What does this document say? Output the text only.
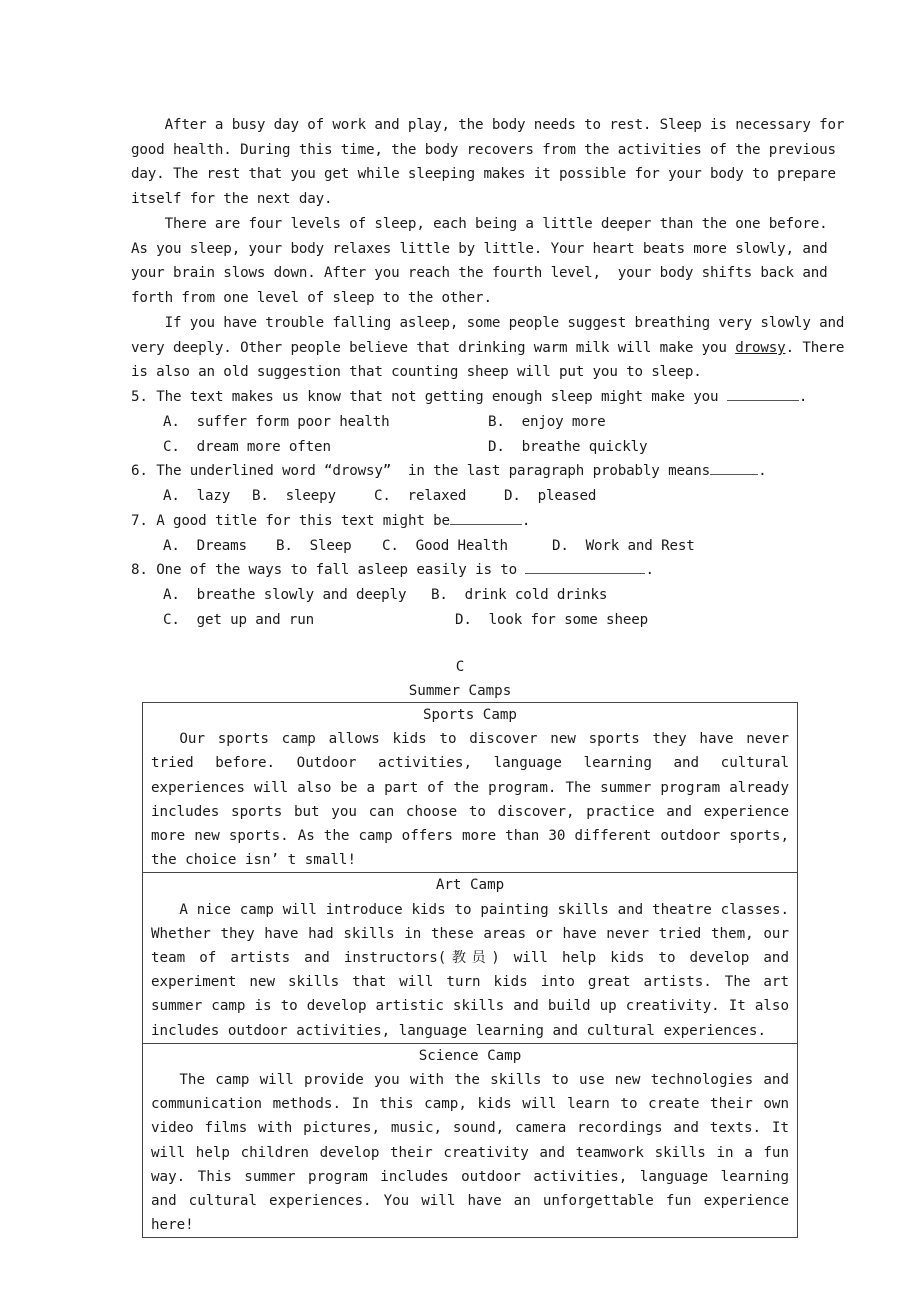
After a busy day of work and play, the body needs to rest. Sleep is necessary for
good health. During this time, the body recovers from the activities of the previous
day. The rest that you get while sleeping makes it possible for your body to prepare
itself for the next day.
There are four levels of sleep, each being a little deeper than the one before.
As you sleep, your body relaxes little by little. Your heart beats more slowly, and
your brain slows down. After you reach the fourth level,  your body shifts back and
forth from one level of sleep to the other.
If you have trouble falling asleep, some people suggest breathing very slowly and
very deeply. Other people believe that drinking warm milk will make you drowsy. There
is also an old suggestion that counting sheep will put you to sleep.
5. The text makes us know that not getting enough sleep might make you	.
A.  suffer form poor health	B.  enjoy more
C.  dream more often	D.  breathe quickly
6. The underlined word “drowsy”  in the last paragraph probably means	.
A.  lazy B.  sleepy	C.  relaxed	D.  pleased
7. A good title for this text might be	.
A.  Dreams B.  Sleep C.  Good Health	D.  Work and Rest
8. One of the ways to fall asleep easily is to	.
A.  breathe slowly and deeply B.  drink cold drinks
C.  get up and run	D.  look for some sheep
C
Summer Camps
Sports Camp
Our sports camp allows kids to discover new sports they have never tried before. Outdoor activities, language learning and cultural experiences will also be a part of the program. The summer program already includes sports but you can choose to discover, practice and experience more new sports. As the camp offers more than 30 different outdoor sports, the choice isn’ t small!

Art Camp
A nice camp will introduce kids to painting skills and theatre classes. Whether they have had skills in these areas or have never tried them, our team of artists and instructors(教员) will help kids to develop and experiment new skills that will turn kids into great artists. The art summer camp is to develop artistic skills and build up creativity. It also includes outdoor activities, language learning and cultural experiences.

Science Camp
The camp will provide you with the skills to use new technologies and communication methods. In this camp, kids will learn to create their own video films with pictures, music, sound, camera recordings and texts. It will help children develop their creativity and teamwork skills in a fun way. This summer program includes outdoor activities, language learning and cultural experiences. You will have an unforgettable fun experience here!
